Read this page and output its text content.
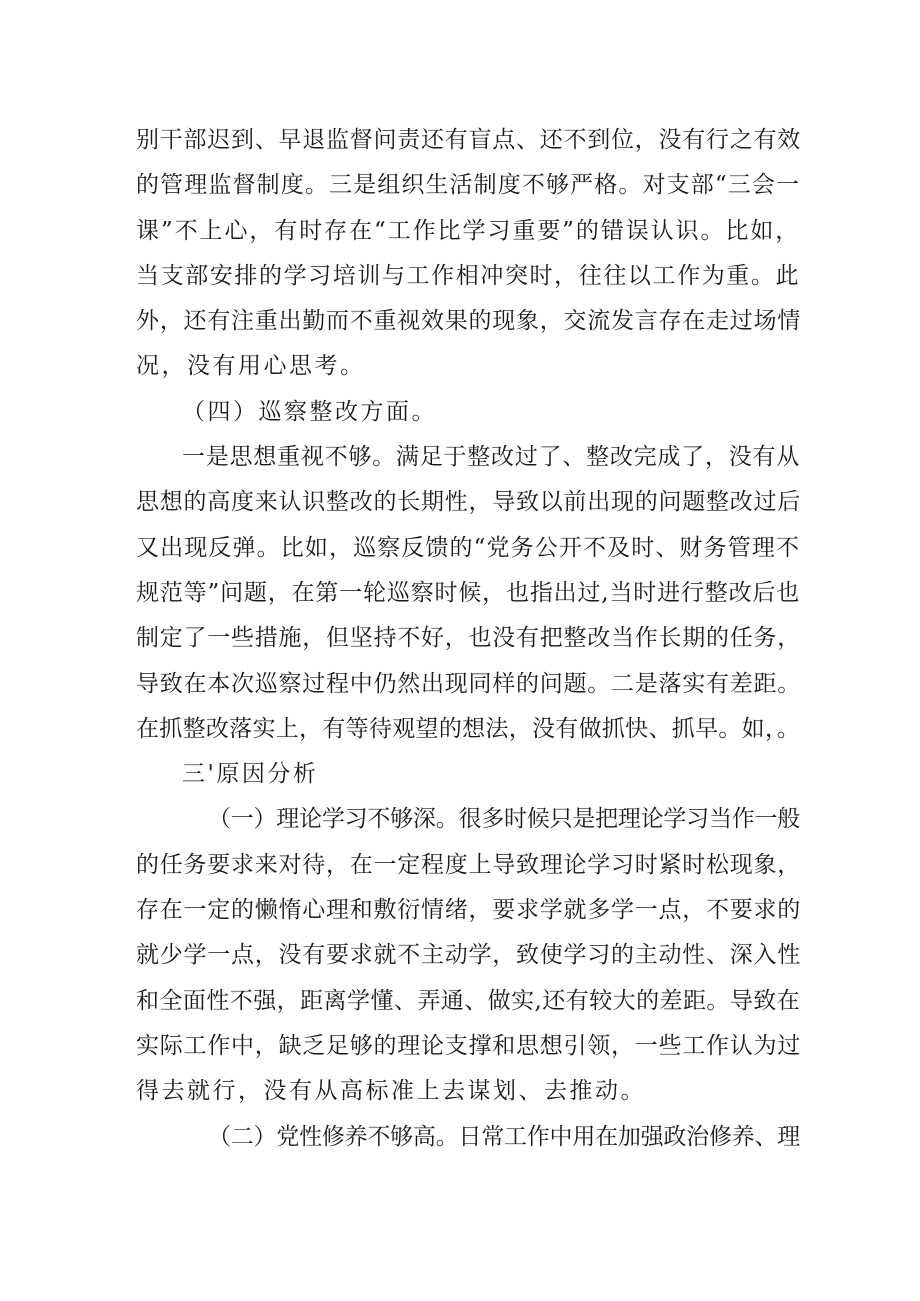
别干部迟到、早退监督问责还有盲点、还不到位，没有行之有效
的管理监督制度。三是组织生活制度不够严格。对支部“三会一
课”不上心，有时存在“工作比学习重要”的错误认识。比如，
当支部安排的学习培训与工作相冲突时，往往以工作为重。此
外，还有注重出勤而不重视效果的现象，交流发言存在走过场情
况，没有用心思考。
（四）巡察整改方面。
一是思想重视不够。满足于整改过了、整改完成了，没有从
思想的高度来认识整改的长期性，导致以前出现的问题整改过后
又出现反弹。比如，巡察反馈的“党务公开不及时、财务管理不
规范等”问题，在第一轮巡察时候，也指出过,当时进行整改后也
制定了一些措施，但坚持不好，也没有把整改当作长期的任务，
导致在本次巡察过程中仍然出现同样的问题。二是落实有差距。
在抓整改落实上，有等待观望的想法，没有做抓快、抓早。如，。
三'原因分析
（一）理论学习不够深。很多时候只是把理论学习当作一般
的任务要求来对待，在一定程度上导致理论学习时紧时松现象，
存在一定的懒惰心理和敷衍情绪，要求学就多学一点，不要求的
就少学一点，没有要求就不主动学，致使学习的主动性、深入性
和全面性不强，距离学懂、弄通、做实,还有较大的差距。导致在
实际工作中，缺乏足够的理论支撑和思想引领，一些工作认为过
得去就行，没有从高标准上去谋划、去推动。
（二）党性修养不够高。日常工作中用在加强政治修养、理
